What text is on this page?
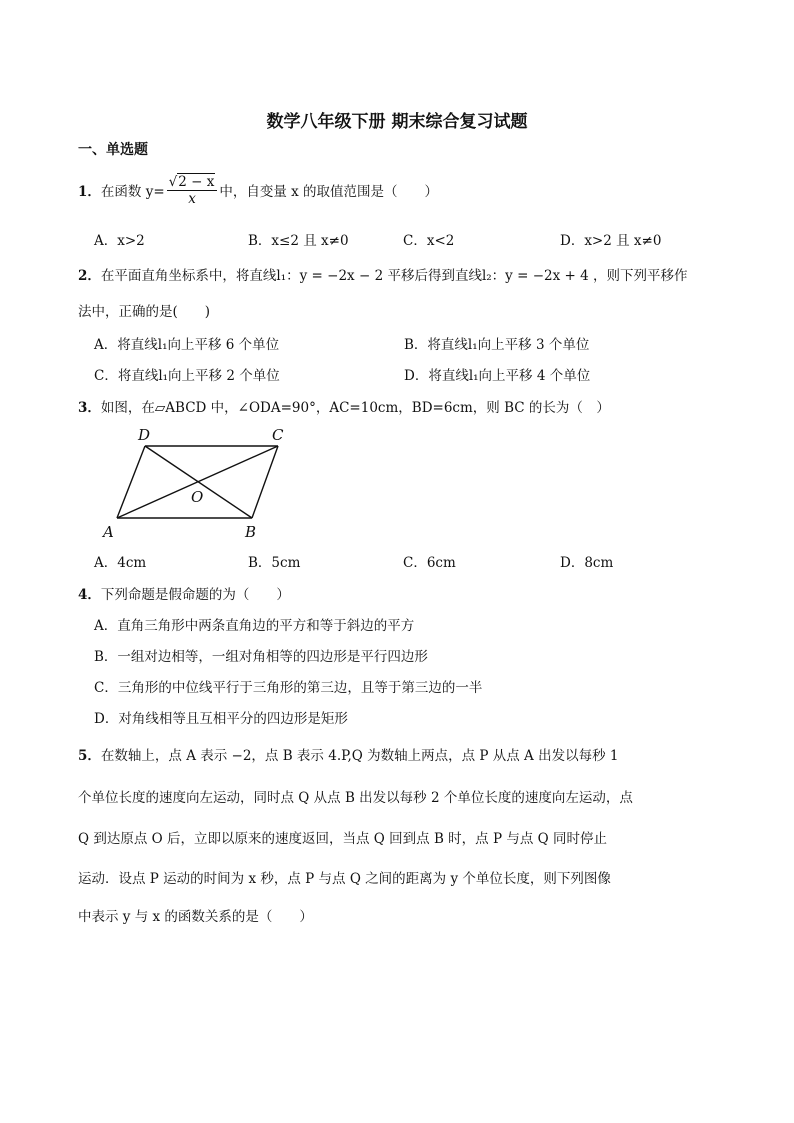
数学八年级下册 期末综合复习试题
一、单选题
1． 在函数 $y= \frac{√2 - x}{x}$ 中，自变量 x 的取值范围是（　　）
A．x>2	B．x≤2 且 x≠0	C．x<2	D．x>2 且 x≠0
2．在平面直角坐标系中，将直线l₁：y = −2x − 2 平移后得到直线l₂：y = −2x + 4 ，则下列平移作
法中，正确的是(　　)
A．将直线l₁向上平移 6 个单位	B．将直线l₁向上平移 3 个单位
C．将直线l₁向上平移 2 个单位	D．将直线l₁向上平移 4 个单位
3．如图，在▱ABCD 中，∠ODA=90°，AC=10cm，BD=6cm，则 BC 的长为（　）
A	B
C
D
O
A．4cm	B．5cm	C．6cm	D．8cm
4．下列命题是假命题的为（　　）
A．直角三角形中两条直角边的平方和等于斜边的平方
B．一组对边相等，一组对角相等的四边形是平行四边形
C．三角形的中位线平行于三角形的第三边，且等于第三边的一半
D．对角线相等且互相平分的四边形是矩形
5．在数轴上，点 A 表示 −2，点 B 表示 4.P,Q 为数轴上两点，点 P 从点 A 出发以每秒 1
个单位长度的速度向左运动，同时点 Q 从点 B 出发以每秒 2 个单位长度的速度向左运动，点
Q 到达原点 O 后，立即以原来的速度返回，当点 Q 回到点 B 时，点 P 与点 Q 同时停止
运动．设点 P 运动的时间为 x 秒，点 P 与点 Q 之间的距离为 y 个单位长度，则下列图像
中表示 y 与 x 的函数关系的是（　　）
